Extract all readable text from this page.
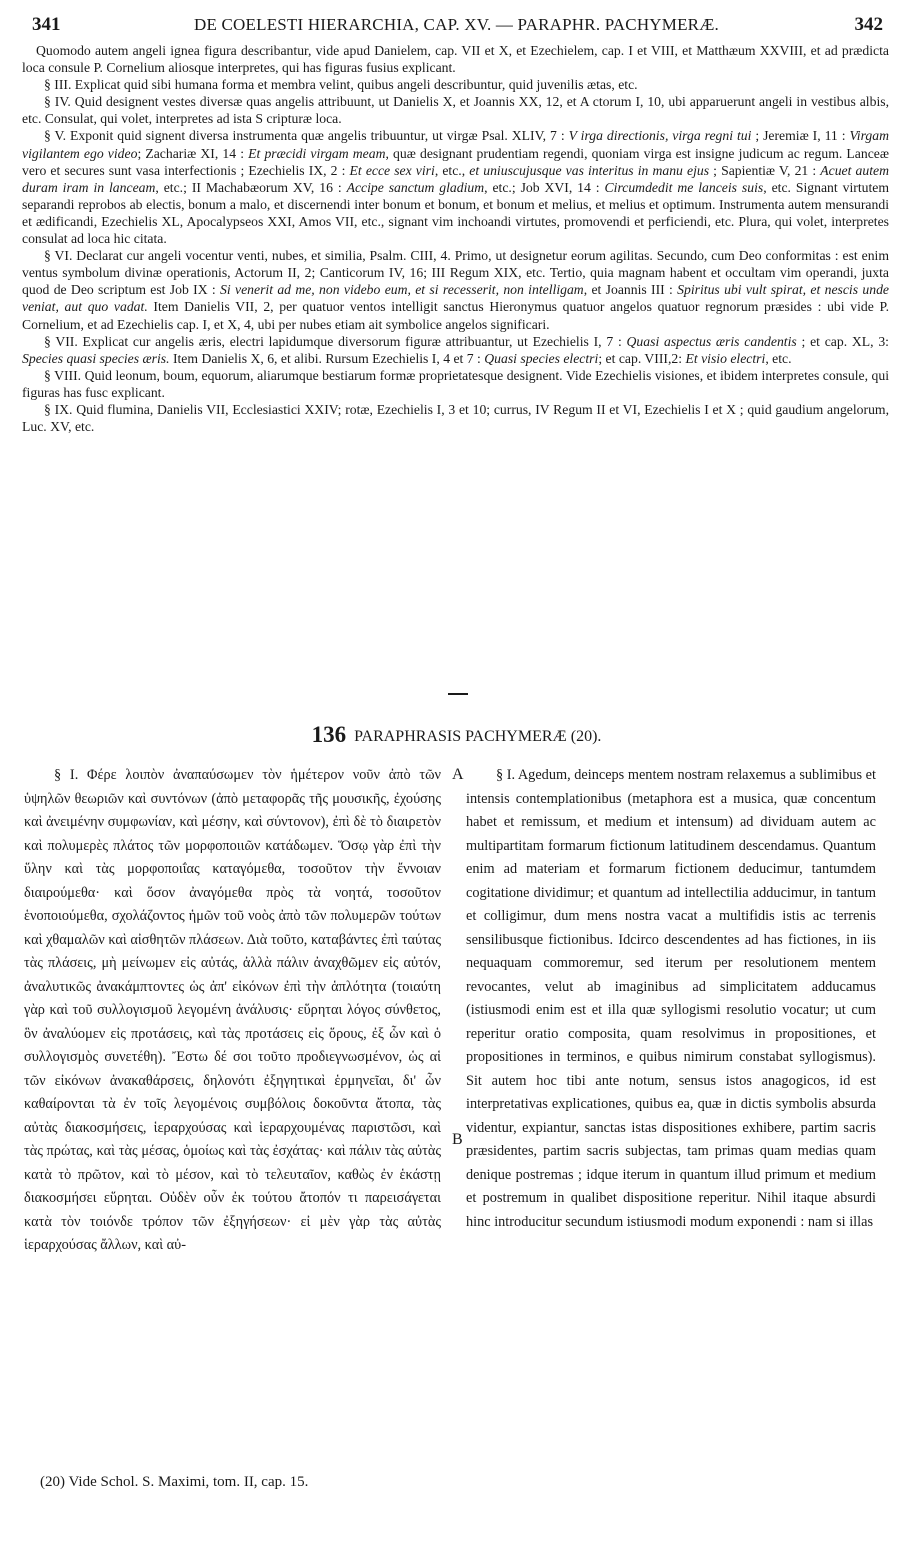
341	DE COELESTI HIERARCHIA, CAP. XV. — PARAPHR. PACHYMERÆ.	342

Quomodo autem angeli ignea figura describantur, vide apud Danielem, cap. VII et X, et Ezechielem, cap. I et VIII, et Matthæum XXVIII, et ad prædicta loca consule P. Cornelium aliosque interpretes, qui has figuras fusius explicant.

§ III. Explicat quid sibi humana forma et membra velint, quibus angeli describuntur, quid juvenilis ætas, etc.

§ IV. Quid designent vestes diversæ quas angelis attribuunt, ut Danielis X, et Joannis XX, 12, et A ctorum I, 10, ubi apparuerunt angeli in vestibus albis, etc. Consulat, qui volet, interpretes ad ista S cripturæ loca.

§ V. Exponit quid signent diversa instrumenta quæ angelis tribuuntur, ut virgæ Psal. XLIV, 7 : V irga directionis, virga regni tui ; Jeremiæ I, 11 : Virgam vigilantem ego video; Zachariæ XI, 14 : Et præcidi virgam meam, quæ designant prudentiam regendi, quoniam virga est insigne judicum ac regum. Lanceæ vero et secures sunt vasa interfectionis ; Ezechielis IX, 2 : Et ecce sex viri, etc., et uniuscujusque vas interitus in manu ejus ; Sapientiæ V, 21 : Acuet autem duram iram in lanceam, etc.; II Machabæorum XV, 16 : Accipe sanctum gladium, etc.; Job XVI, 14 : Circumdedit me lanceis suis, etc. Signant virtutem separandi reprobos ab electis, bonum a malo, et discernendi inter bonum et bonum, et bonum et melius, et melius et optimum. Instrumenta autem mensurandi et ædificandi, Ezechielis XL, Apocalypseos XXI, Amos VII, etc., signant vim inchoandi virtutes, promovendi et perficiendi, etc. Plura, qui volet, interpretes consulat ad loca hic citata.

§ VI. Declarat cur angeli vocentur venti, nubes, et similia, Psalm. CIII, 4. Primo, ut designetur eorum agilitas. Secundo, cum Deo conformitas : est enim ventus symbolum divinæ operationis, Actorum II, 2; Canticorum IV, 16; III Regum XIX, etc. Tertio, quia magnam habent et occultam vim operandi, juxta quod de Deo scriptum est Job IX : Si venerit ad me, non videbo eum, et si recesserit, non intelligam, et Joannis III : Spiritus ubi vult spirat, et nescis unde veniat, aut quo vadat. Item Danielis VII, 2, per quatuor ventos intelligit sanctus Hieronymus quatuor angelos quatuor regnorum præsides : ubi vide P. Cornelium, et ad Ezechielis cap. I, et X, 4, ubi per nubes etiam ait symbolice angelos significari.

§ VII. Explicat cur angelis æris, electri lapidumque diversorum figuræ attribuantur, ut Ezechielis I, 7 : Quasi aspectus æris candentis ; et cap. XL, 3: Species quasi species æris. Item Danielis X, 6, et alibi. Rursum Ezechielis I, 4 et 7 : Quasi species electri; et cap. VIII,2: Et visio electri, etc.

§ VIII. Quid leonum, boum, equorum, aliarumque bestiarum formæ proprietatesque designent. Vide Ezechielis visiones, et ibidem interpretes consule, qui figuras has fusc explicant.

§ IX. Quid flumina, Danielis VII, Ecclesiastici XXIV; rotæ, Ezechielis I, 3 et 10; currus, IV Regum II et VI, Ezechielis I et X ; quid gaudium angelorum, Luc. XV, etc.

136 PARAPHRASIS PACHYMERÆ (20).

§ I. Φέρε λοιπὸν ἀναπαύσωμεν τὸν ἡμέτερον νοῦν ἀπὸ τῶν ὑψηλῶν θεωριῶν καὶ συντόνων (ἀπὸ μεταφορᾶς τῆς μουσικῆς, ἐχούσης καὶ ἀνειμένην συμφωνίαν, καὶ μέσην, καὶ σύντονον), ἐπὶ δὲ τὸ διαιρετὸν καὶ πολυμερὲς πλάτος τῶν μορφοποιιῶν κατάδωμεν. Ὅσῳ γὰρ ἐπὶ τὴν ὕλην καὶ τὰς μορφοποιΐας καταγόμεθα, τοσοῦτον τὴν ἔννοιαν διαιρούμεθα· καὶ ὅσον ἀναγόμεθα πρὸς τὰ νοητά, τοσοῦτον ἑνοποιούμεθα, σχολάζοντος ἡμῶν τοῦ νοὸς ἀπὸ τῶν πολυμερῶν τούτων καὶ χθαμαλῶν καὶ αἰσθητῶν πλάσεων. Διὰ τοῦτο, καταβάντες ἐπὶ ταύτας τὰς πλάσεις, μὴ μείνωμεν εἰς αὐτάς, ἀλλὰ πάλιν ἀναχθῶμεν εἰς αὐτόν, ἀναλυτικῶς ἀνακάμπτοντες ὡς ἀπ' εἰκόνων ἐπὶ τὴν ἁπλότητα (τοιαύτη γὰρ καὶ τοῦ συλλογισμοῦ λεγομένη ἀνάλυσις· εὕρηται λόγος σύνθετος, ὃν ἀναλύομεν εἰς προτάσεις, καὶ τὰς προτάσεις εἰς ὅρους, ἐξ ὧν καὶ ὁ συλλογισμὸς συνετέθη). Ἔστω δέ σοι τοῦτο προδιεγνωσμένον, ὡς αἱ τῶν εἰκόνων ἀνακαθάρσεις, δηλονότι ἐξηγητικαὶ ἑρμηνεῖαι, δι' ὧν καθαίρονται τὰ ἐν τοῖς λεγομένοις συμβόλοις δοκοῦντα ἄτοπα, τὰς αὐτὰς διακοσμήσεις, ἱεραρχούσας καὶ ἱεραρχουμένας παριστῶσι, καὶ τὰς πρώτας, καὶ τὰς μέσας, ὁμοίως καὶ τὰς ἐσχάτας· καὶ πάλιν τὰς αὐτὰς κατὰ τὸ πρῶτον, καὶ τὸ μέσον, καὶ τὸ τελευταῖον, καθὼς ἐν ἑκάστῃ διακοσμήσει εὕρηται. Οὐδὲν οὖν ἐκ τούτου ἄτοπόν τι παρεισάγεται κατὰ τὸν τοιόνδε τρόπον τῶν ἐξηγήσεων· εἰ μὲν γὰρ τὰς αὐτὰς ἱεραρχούσας ἄλλων, καὶ αὐ-

A
B

§ I. Agedum, deinceps mentem nostram relaxemus a sublimibus et intensis contemplationibus (metaphora est a musica, quæ concentum habet et remissum, et medium et intensum) ad dividuam autem ac multipartitam formarum fictionum latitudinem descendamus. Quantum enim ad materiam et formarum fictionem deducimur, tantumdem cogitatione dividimur; et quantum ad intellectilia adducimur, in tantum et colligimur, dum mens nostra vacat a multifidis istis ac terrenis sensilibusque fictionibus. Idcirco descendentes ad has fictiones, in iis nequaquam commoremur, sed iterum per resolutionem mentem revocantes, velut ab imaginibus ad simplicitatem adducamus (istiusmodi enim est et illa quæ syllogismi resolutio vocatur; ut cum reperitur oratio composita, quam resolvimus in propositiones, et propositiones in terminos, e quibus nimirum constabat syllogismus). Sit autem hoc tibi ante notum, sensus istos anagogicos, id est interpretativas explicationes, quibus ea, quæ in dictis symbolis absurda videntur, expiantur, sanctas istas dispositiones exhibere, partim sacris præsidentes, partim sacris subjectas, tam primas quam medias quam denique postremas ; idque iterum in quantum illud primum et medium et postremum in qualibet dispositione reperitur. Nihil itaque absurdi hinc introducitur secundum istiusmodi modum exponendi : nam si illas

(20) Vide Schol. S. Maximi, tom. II, cap. 15.
